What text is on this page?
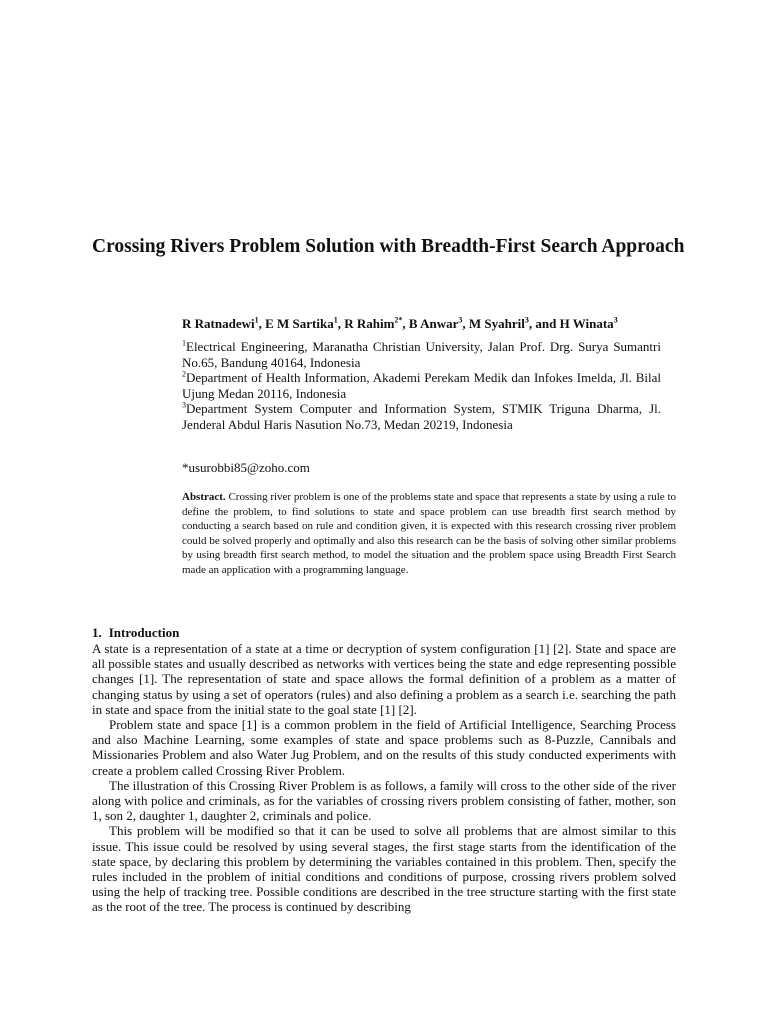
Crossing Rivers Problem Solution with Breadth-First Search Approach
R Ratnadewi$^1$, E M Sartika$^1$, R Rahim$^{2*}$, B Anwar$^3$, M Syahril$^3$, and H Winata$^3$
$^1$Electrical Engineering, Maranatha Christian University, Jalan Prof. Drg. Surya Sumantri No.65, Bandung 40164, Indonesia
$^2$Department of Health Information, Akademi Perekam Medik dan Infokes Imelda, Jl. Bilal Ujung Medan 20116, Indonesia
$^3$Department System Computer and Information System, STMIK Triguna Dharma, Jl. Jenderal Abdul Haris Nasution No.73, Medan 20219, Indonesia
*usurobbi85@zoho.com

Abstract. Crossing river problem is one of the problems state and space that represents a state by using a rule to define the problem, to find solutions to state and space problem can use breadth first search method by conducting a search based on rule and condition given, it is expected with this research crossing river problem could be solved properly and optimally and also this research can be the basis of solving other similar problems by using breadth first search method, to model the situation and the problem space using Breadth First Search made an application with a programming language.

1. Introduction

A state is a representation of a state at a time or decryption of system configuration [1] [2]. State and space are all possible states and usually described as networks with vertices being the state and edge representing possible changes [1]. The representation of state and space allows the formal definition of a problem as a matter of changing status by using a set of operators (rules) and also defining a problem as a search i.e. searching the path in state and space from the initial state to the goal state [1] [2].

Problem state and space [1] is a common problem in the field of Artificial Intelligence, Searching Process and also Machine Learning, some examples of state and space problems such as 8-Puzzle, Cannibals and Missionaries Problem and also Water Jug Problem, and on the results of this study conducted experiments with create a problem called Crossing River Problem.

The illustration of this Crossing River Problem is as follows, a family will cross to the other side of the river along with police and criminals, as for the variables of crossing rivers problem consisting of father, mother, son 1, son 2, daughter 1, daughter 2, criminals and police.

This problem will be modified so that it can be used to solve all problems that are almost similar to this issue. This issue could be resolved by using several stages, the first stage starts from the identification of the state space, by declaring this problem by determining the variables contained in this problem. Then, specify the rules included in the problem of initial conditions and conditions of purpose, crossing rivers problem solved using the help of tracking tree. Possible conditions are described in the tree structure starting with the first state as the root of the tree. The process is continued by describing
